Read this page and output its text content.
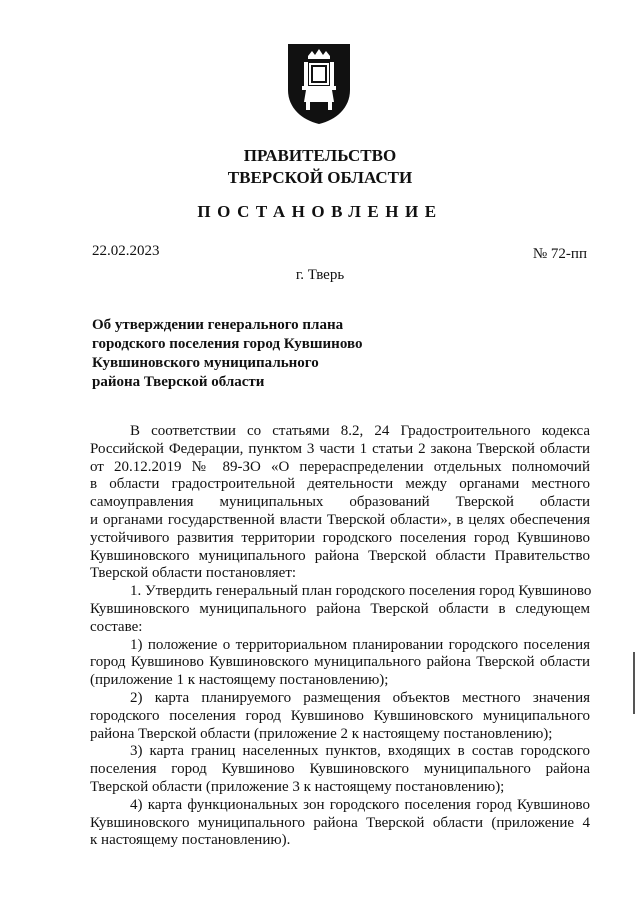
ПРАВИТЕЛЬСТВО
ТВЕРСКОЙ ОБЛАСТИ
ПОСТАНОВЛЕНИЕ

22.02.2023	№ 72-пп

г. Тверь

Об утверждении генерального плана
городского поселения город Кувшиново
Кувшиновского муниципального
района Тверской области
В соответствии со статьями 8.2, 24 Градостроительного кодекса
Российской Федерации, пунктом 3 части 1 статьи 2 закона Тверской области
от 20.12.2019 № 89-ЗО «О перераспределении отдельных полномочий
в области градостроительной деятельности между органами местного
самоуправления муниципальных образований Тверской области
и органами государственной власти Тверской области», в целях обеспечения
устойчивого развития территории городского поселения город Кувшиново
Кувшиновского муниципального района Тверской области Правительство
Тверской области постановляет:
1. Утвердить генеральный план городского поселения город Кувшиново
Кувшиновского муниципального района Тверской области в следующем
составе:
1) положение о территориальном планировании городского поселения
город Кувшиново Кувшиновского муниципального района Тверской области
(приложение 1 к настоящему постановлению);
2) карта планируемого размещения объектов местного значения
городского поселения город Кувшиново Кувшиновского муниципального
района Тверской области (приложение 2 к настоящему постановлению);
3) карта границ населенных пунктов, входящих в состав городского
поселения город Кувшиново Кувшиновского муниципального района
Тверской области (приложение 3 к настоящему постановлению);
4) карта функциональных зон городского поселения город Кувшиново
Кувшиновского муниципального района Тверской области (приложение 4
к настоящему постановлению).
